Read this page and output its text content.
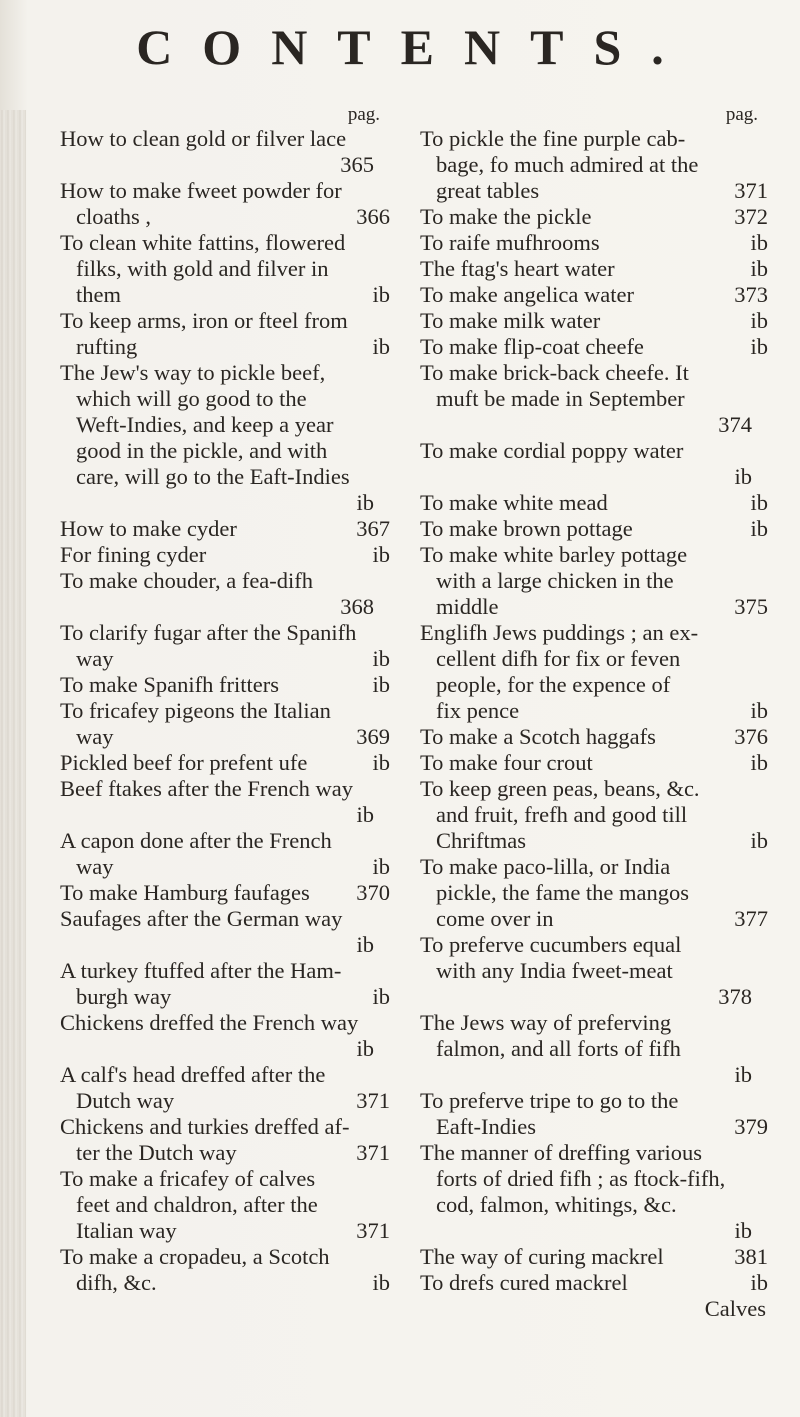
CONTENTS.
pag.
How to clean gold or filver lace
365
How to make fweet powder for
366
cloaths ,
To clean white fattins, flowered
filks, with gold and filver in
ib
them
To keep arms, iron or fteel from
ib
rufting
The Jew's way to pickle beef,
which will go good to the
Weft-Indies, and keep a year
good in the pickle, and with
care, will go to the Eaft-Indies
ib
367
How to make cyder
ib
For fining cyder
To make chouder, a fea-difh
368
To clarify fugar after the Spanifh
ib
way
ib
To make Spanifh fritters
To fricafey pigeons the Italian
369
way
ib
Pickled beef for prefent ufe
Beef ftakes after the French way
ib
A capon done after the French
ib
way
370
To make Hamburg faufages
Saufages after the German way
ib
A turkey ftuffed after the Ham-
ib
burgh way
Chickens dreffed the French way
ib
A calf's head dreffed after the
371
Dutch way
Chickens and turkies dreffed af-
371
ter the Dutch way
To make a fricafey of calves
feet and chaldron, after the
371
Italian way
To make a cropadeu, a Scotch
ib
difh, &c.
pag.
To pickle the fine purple cab-
bage, fo much admired at the
371
great tables
372
To make the pickle
ib
To raife mufhrooms
ib
The ftag's heart water
373
To make angelica water
ib
To make milk water
ib
To make flip-coat cheefe
To make brick-back cheefe. It
muft be made in September
374
To make cordial poppy water
ib
ib
To make white mead
ib
To make brown pottage
To make white barley pottage
with a large chicken in the
375
middle
Englifh Jews puddings ; an ex-
cellent difh for fix or feven
people, for the expence of
ib
fix pence
376
To make a Scotch haggafs
ib
To make four crout
To keep green peas, beans, &c.
and fruit, frefh and good till
ib
Chriftmas
To make paco-lilla, or India
pickle, the fame the mangos
377
come over in
To preferve cucumbers equal
with any India fweet-meat
378
The Jews way of preferving
falmon, and all forts of fifh
ib
To preferve tripe to go to the
379
Eaft-Indies
The manner of dreffing various
forts of dried fifh ; as ftock-fifh,
cod, falmon, whitings, &c.
ib
381
The way of curing mackrel
ib
To drefs cured mackrel
Calves
